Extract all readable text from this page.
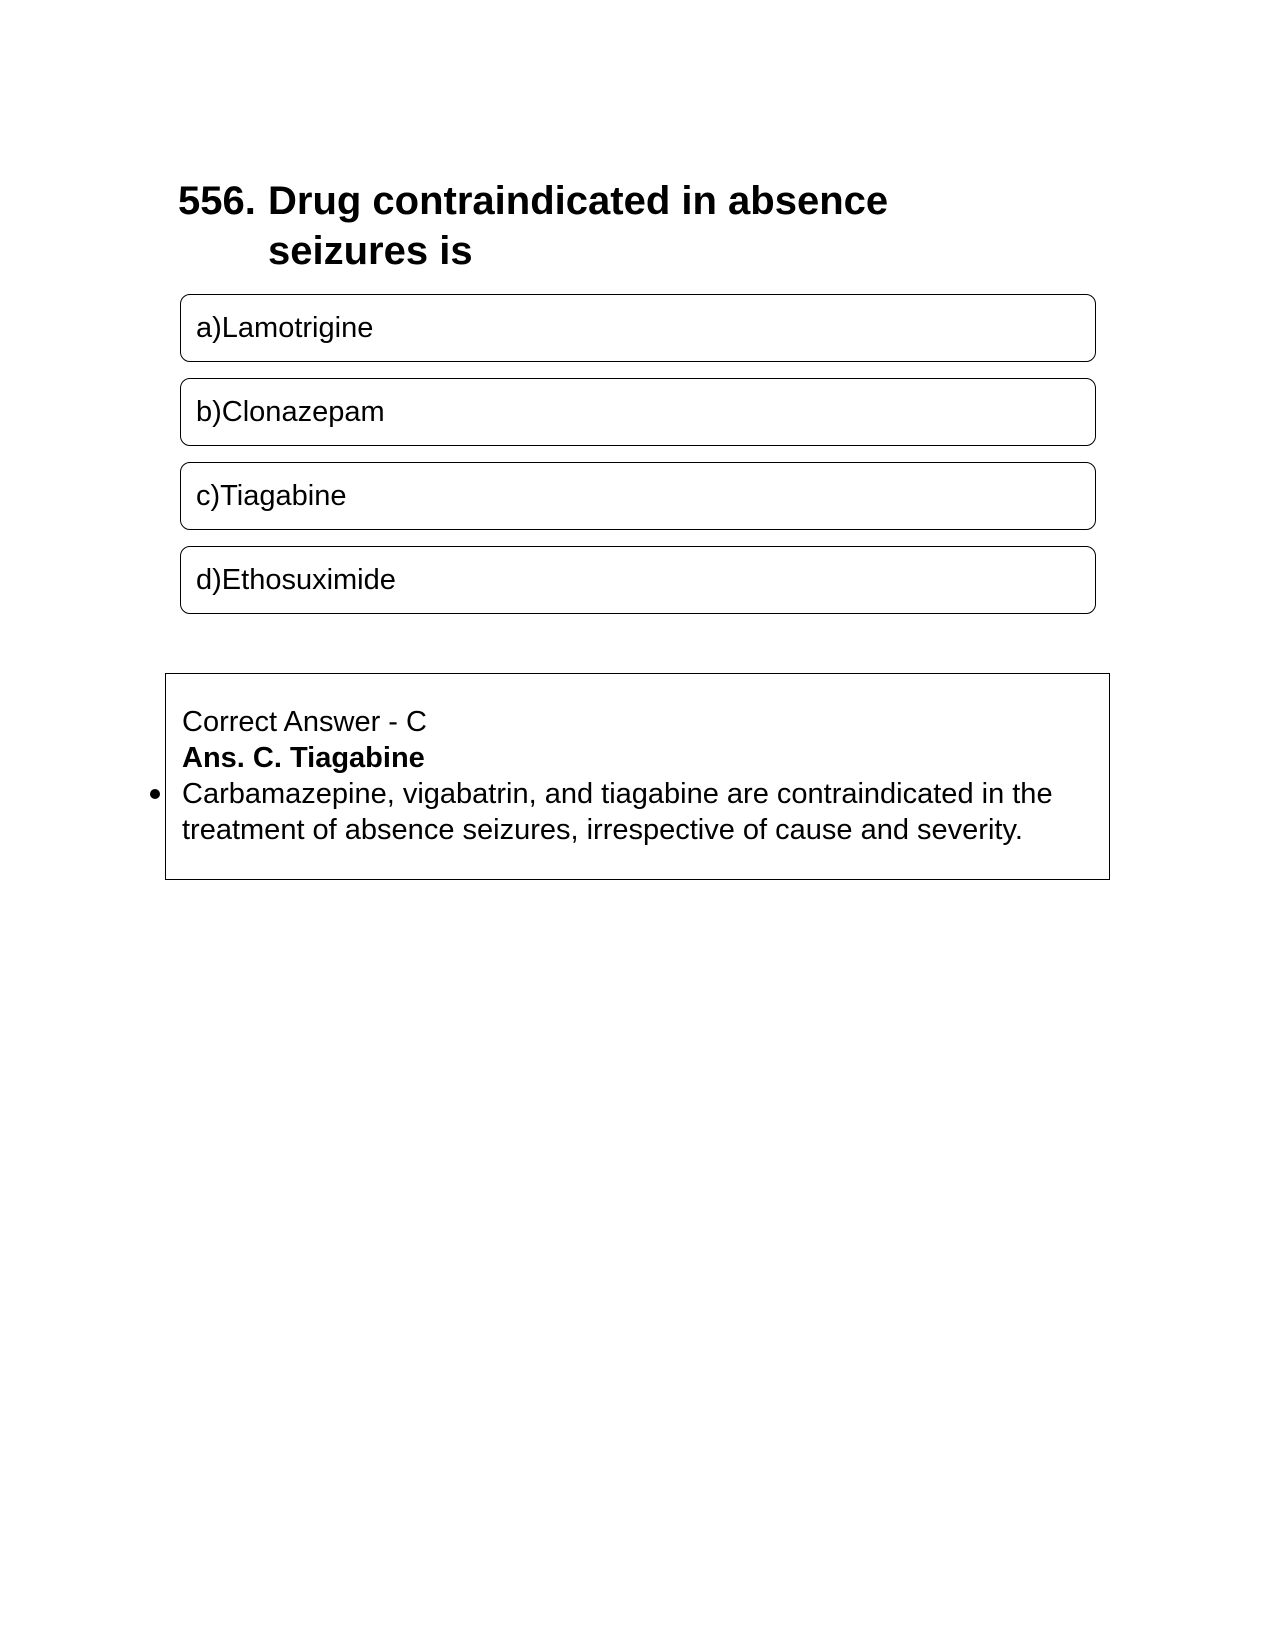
556. Drug contraindicated in absence seizures is
a) Lamotrigine
b) Clonazepam
c) Tiagabine
d) Ethosuximide
Correct Answer - C
Ans. C. Tiagabine
Carbamazepine, vigabatrin, and tiagabine are contraindicated in the treatment of absence seizures, irrespective of cause and severity.
